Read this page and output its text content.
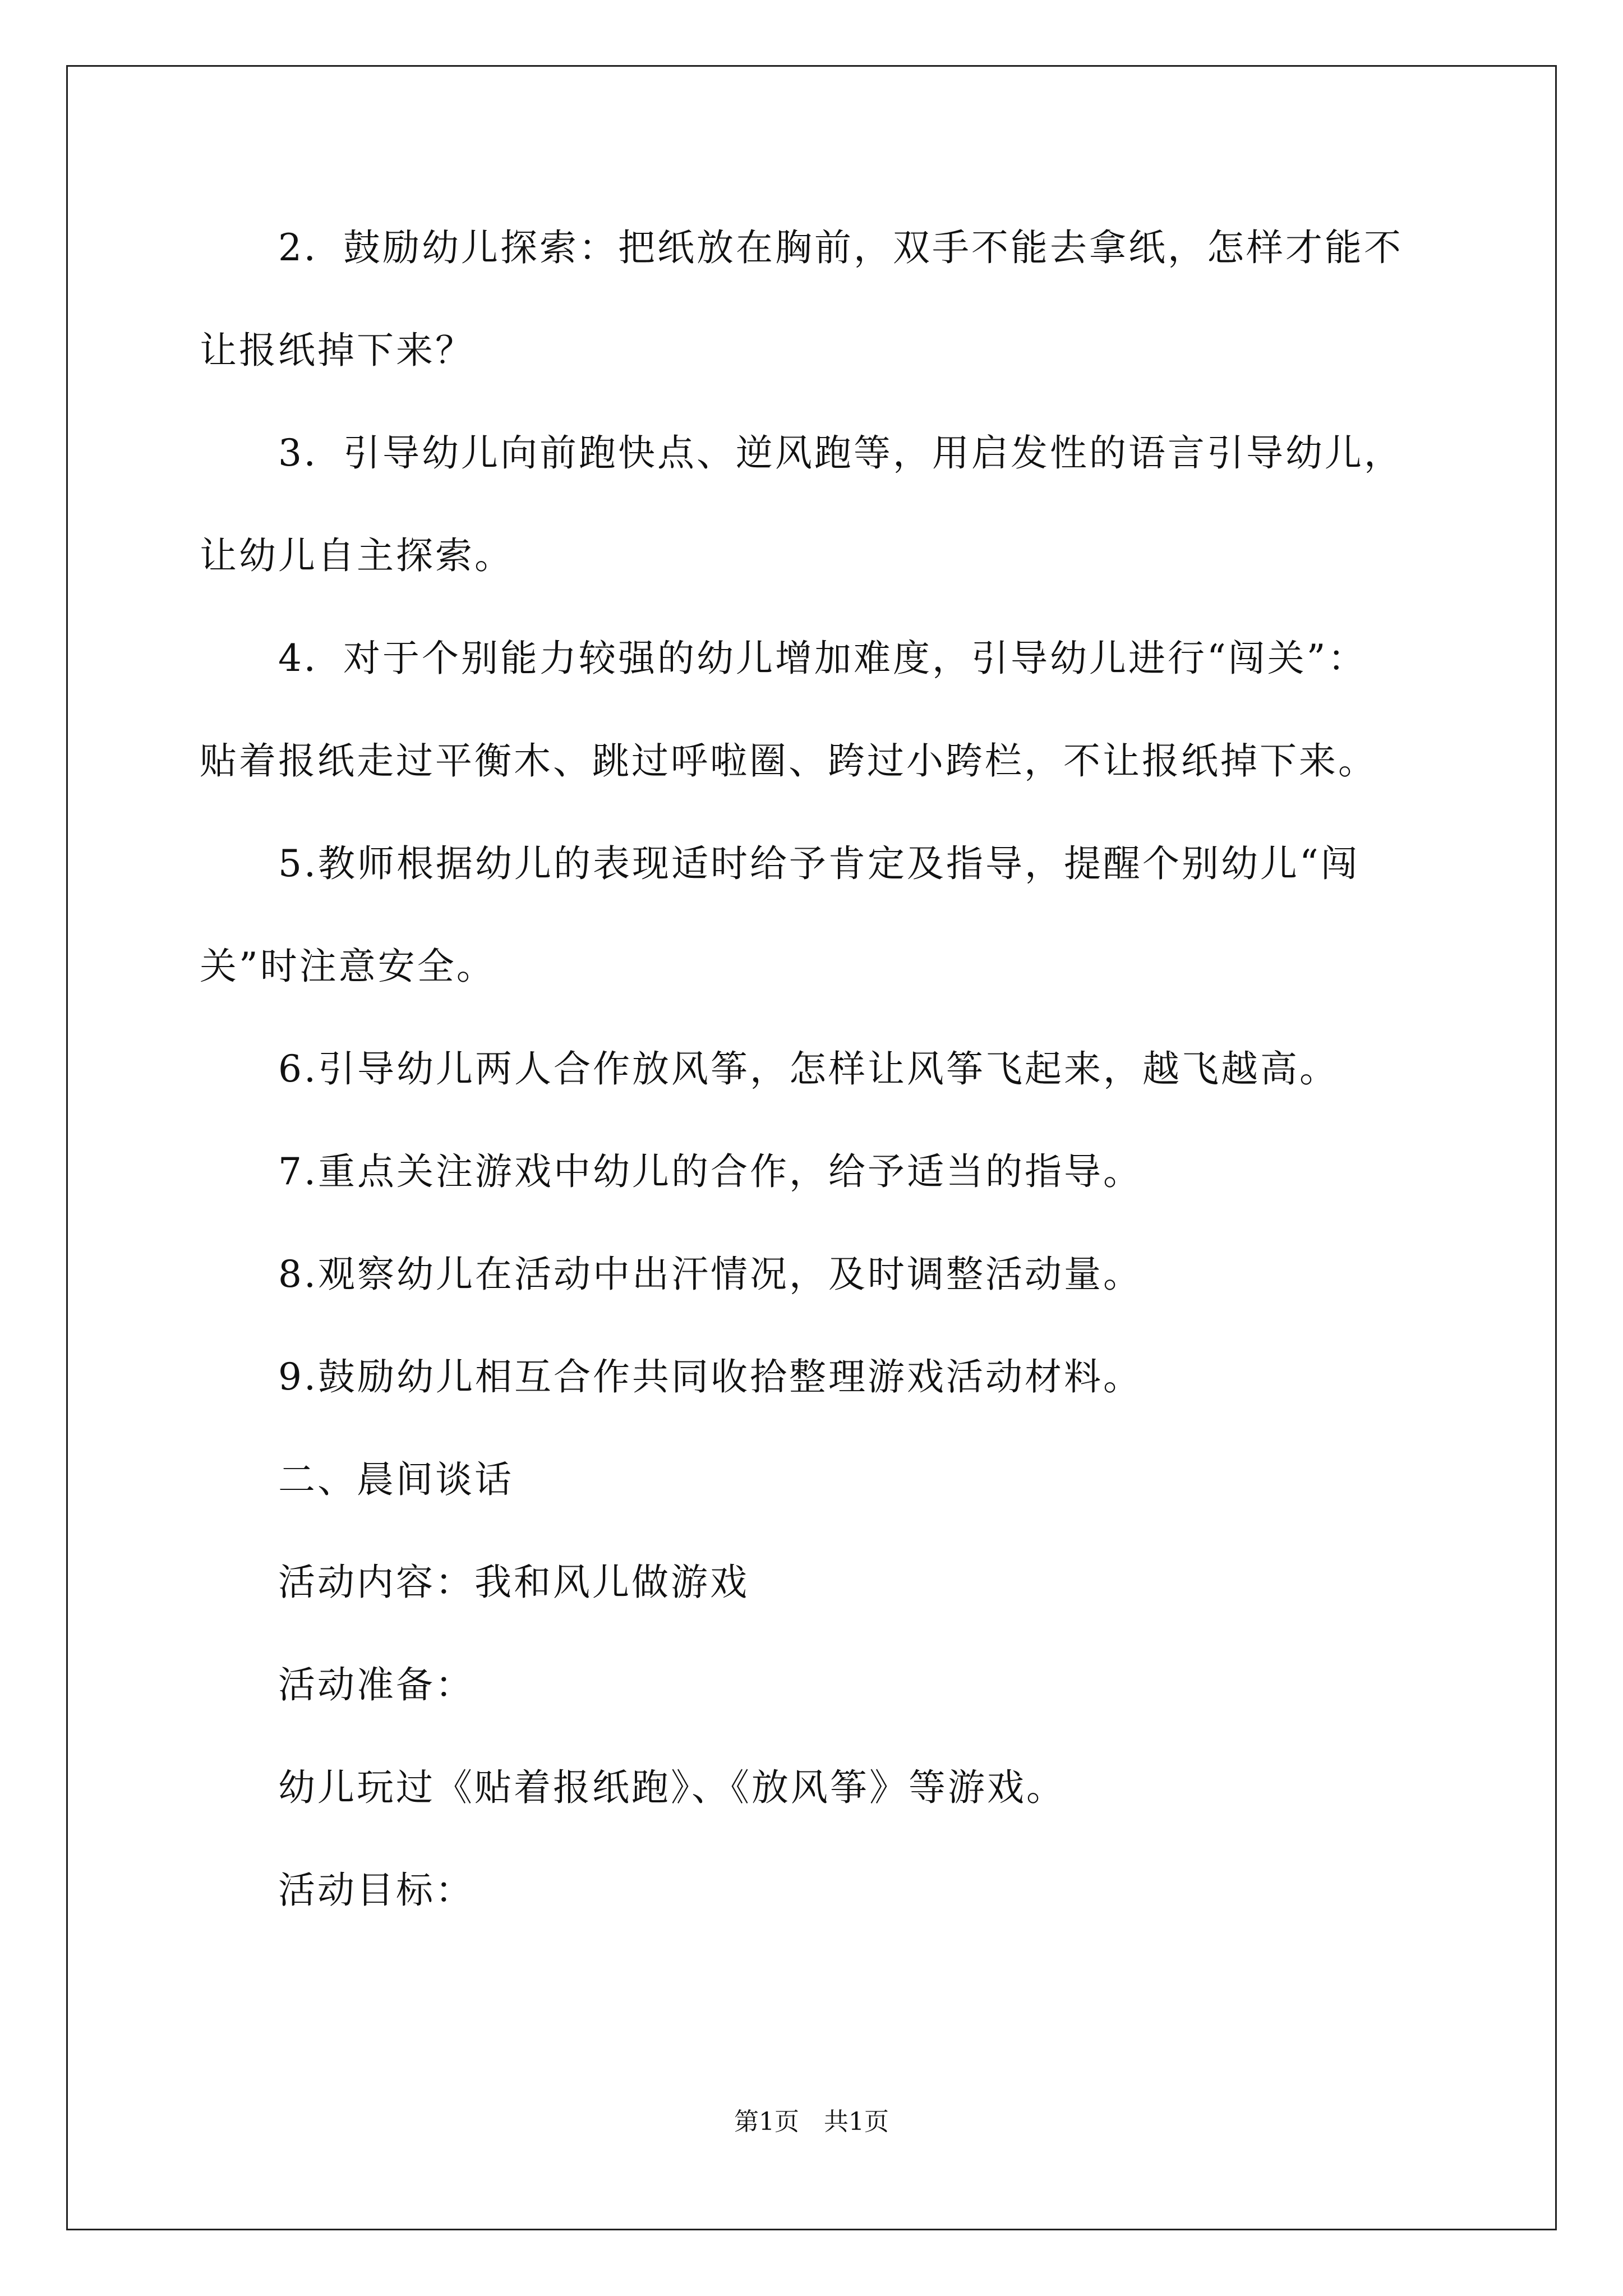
2．鼓励幼儿探索：把纸放在胸前，双手不能去拿纸，怎样才能不
让报纸掉下来？
3．引导幼儿向前跑快点、逆风跑等，用启发性的语言引导幼儿，
让幼儿自主探索。
4．对于个别能力较强的幼儿增加难度，引导幼儿进行“闯关”：
贴着报纸走过平衡木、跳过呼啦圈、跨过小跨栏，不让报纸掉下来。
5.教师根据幼儿的表现适时给予肯定及指导，提醒个别幼儿“闯
关”时注意安全。
6.引导幼儿两人合作放风筝，怎样让风筝飞起来，越飞越高。
7.重点关注游戏中幼儿的合作，给予适当的指导。
8.观察幼儿在活动中出汗情况，及时调整活动量。
9.鼓励幼儿相互合作共同收拾整理游戏活动材料。
二、晨间谈话
活动内容：我和风儿做游戏
活动准备：
幼儿玩过《贴着报纸跑》、《放风筝》等游戏。
活动目标：
第1页　共1页
